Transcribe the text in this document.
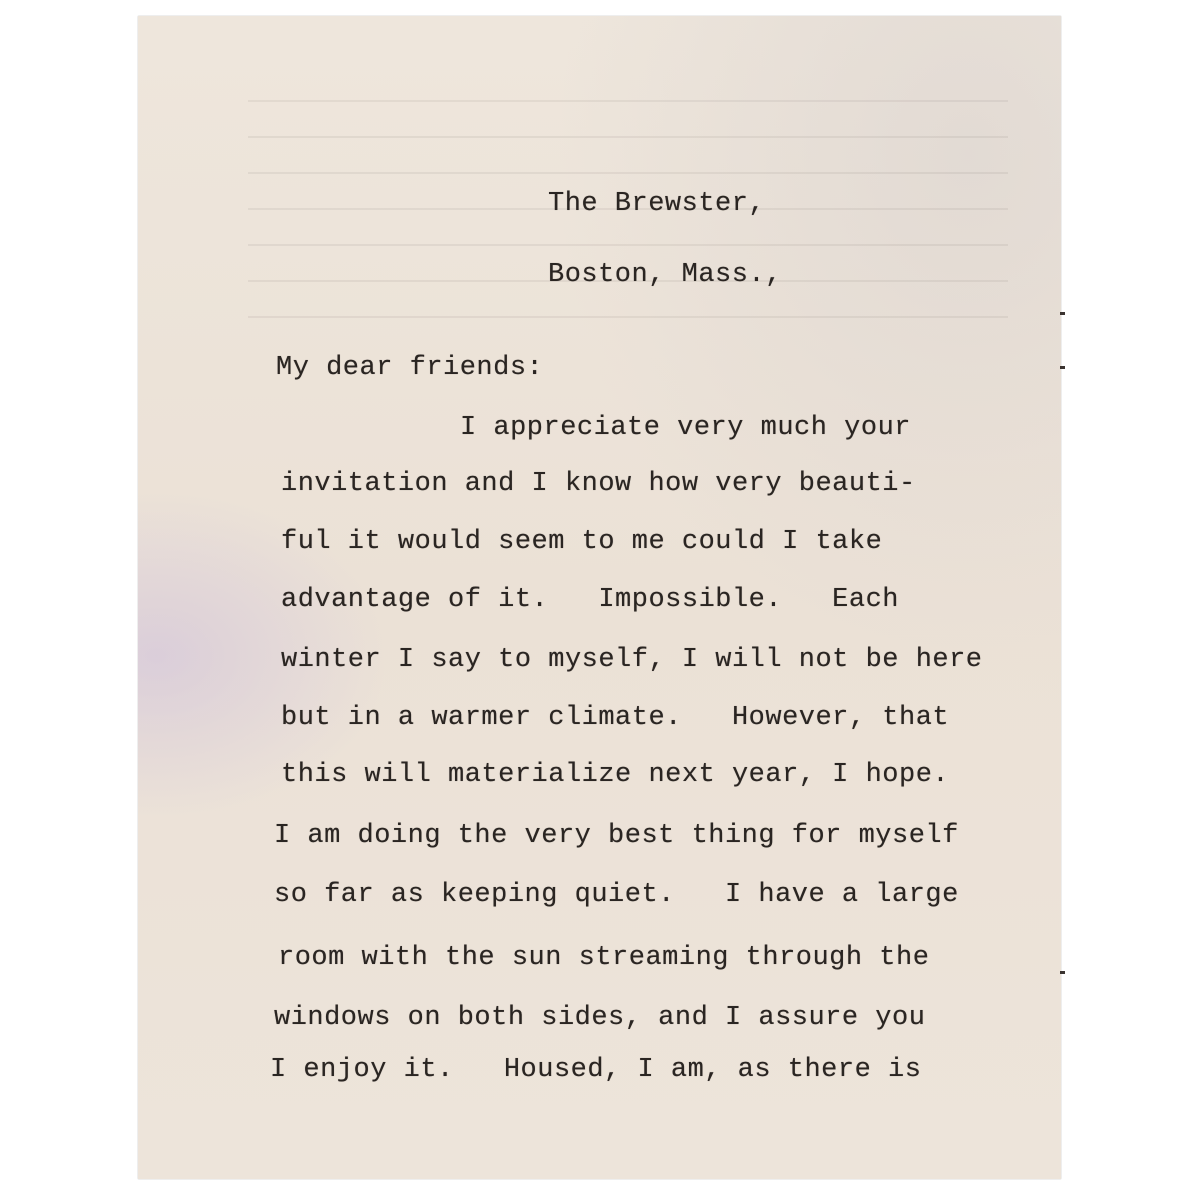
The Brewster,
Boston, Mass.,
My dear friends:
I appreciate very much your
invitation and I know how very beauti-
ful it would seem to me could I take
advantage of it.   Impossible.   Each
winter I say to myself, I will not be here
but in a warmer climate.   However, that
this will materialize next year, I hope.
I am doing the very best thing for myself
so far as keeping quiet.   I have a large
room with the sun streaming through the
windows on both sides, and I assure you
I enjoy it.   Housed, I am, as there is
